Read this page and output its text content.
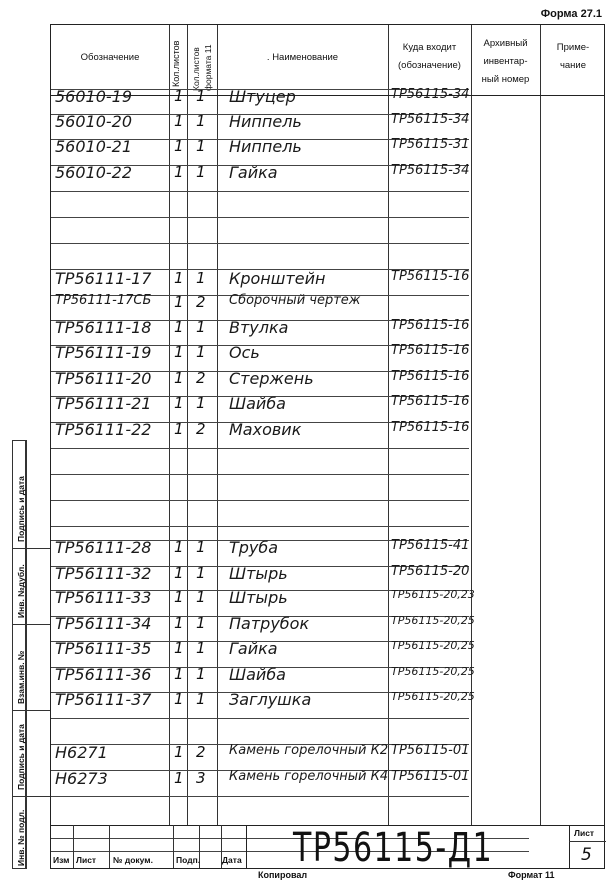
Форма 27.1
Подпись и дата
Инв. №дубл.
Взам.инв. №
Подпись и дата
Инв. № подл.
Обозначение	Кол.листов Кол.листов формата 11	. Наименование
Куда входит
(обозначение)
Архивный
инвентар-
ный номер
Приме-
чание
56010-19	1 1 Штуцер	ТР56115-34
56010-20	1 1 Ниппель	ТР56115-34
56010-21	1 1 Ниппель	ТР56115-31
56010-22	1 1 Гайка	ТР56115-34
ТР56111-17 1 1 Кронштейн	ТР56115-16
ТР56111-17СБ 1 2 Сборочный чертеж
ТР56111-18 1 1 Втулка	ТР56115-16
ТР56111-19 1 1 Ось	ТР56115-16
ТР56111-20 1 2 Стержень	ТР56115-16
ТР56111-21 1 1 Шайба	ТР56115-16
ТР56111-22 1 2 Маховик	ТР56115-16
ТР56111-28 1 1 Труба	ТР56115-41
ТР56111-32 1 1 Штырь	ТР56115-20
ТР56111-33 1 1 Штырь	ТР56115-20,23
ТР56111-34 1 1 Патрубок	ТР56115-20,25
ТР56111-35 1 1 Гайка	ТР56115-20,25
ТР56111-36 1 1 Шайба	ТР56115-20,25
ТР56111-37 1 1 Заглушка	ТР56115-20,25
Н6271	1 2 Камень горелочный К2 ТР56115-01
Н6273	1 3 Камень горелочный К4 ТР56115-01
Изм Лист № докум.	Подп.	Дата ТР56115-Д1	Лист
5
Копировал	Формат 11
